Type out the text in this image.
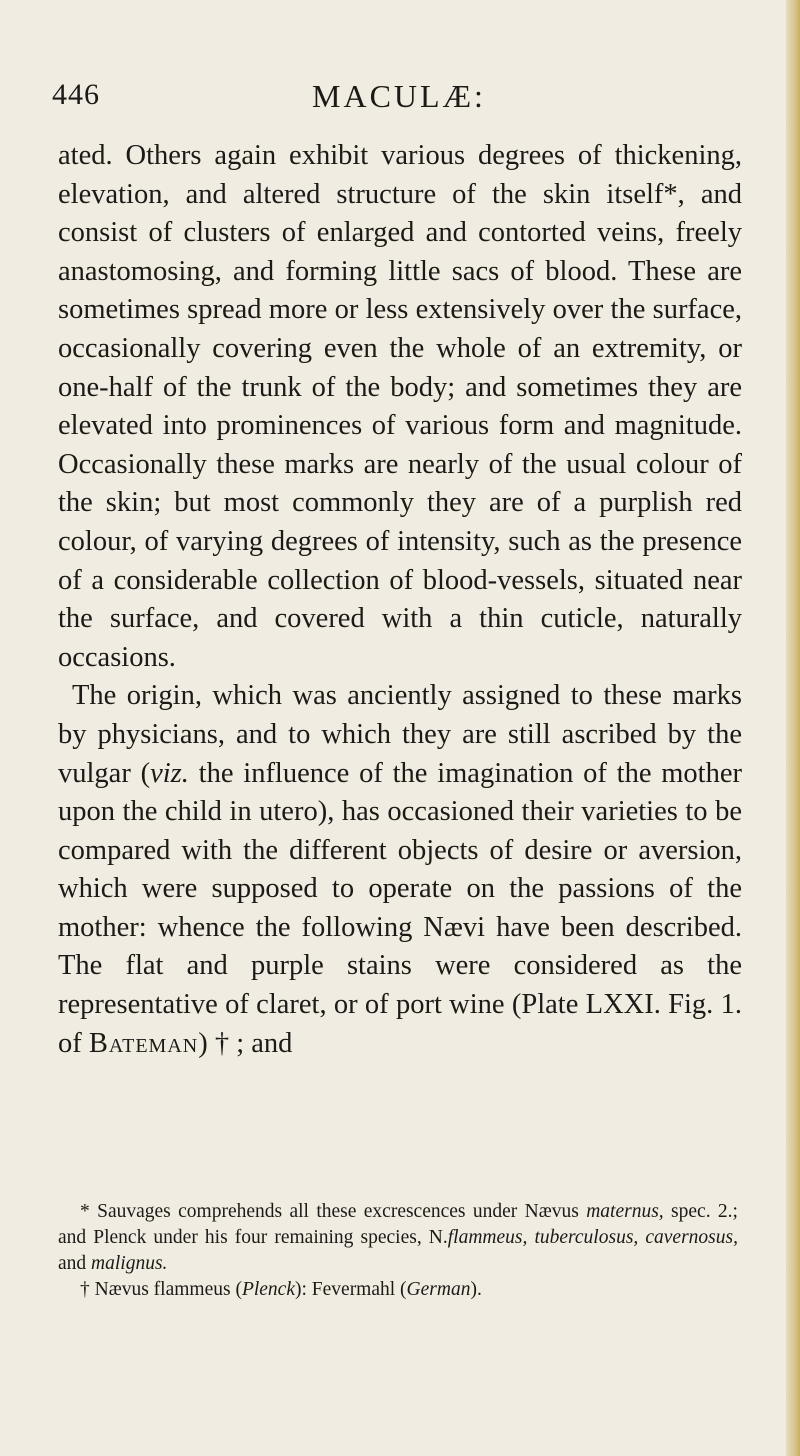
446	MACULÆ:

ated. Others again exhibit various degrees of thickening, elevation, and altered structure of the skin itself*, and consist of clusters of enlarged and contorted veins, freely anastomosing, and forming little sacs of blood. These are sometimes spread more or less extensively over the surface, occasionally covering even the whole of an extremity, or one-half of the trunk of the body; and sometimes they are elevated into prominences of various form and magnitude. Occasionally these marks are nearly of the usual colour of the skin; but most commonly they are of a purplish red colour, of varying degrees of intensity, such as the presence of a considerable collection of blood-vessels, situated near the surface, and covered with a thin cuticle, naturally occasions.

The origin, which was anciently assigned to these marks by physicians, and to which they are still ascribed by the vulgar (viz. the influence of the imagination of the mother upon the child in utero), has occasioned their varieties to be compared with the different objects of desire or aversion, which were supposed to operate on the passions of the mother: whence the following Nævi have been described. The flat and purple stains were considered as the representative of claret, or of port wine (Plate LXXI. Fig. 1. of Bateman) † ; and

* Sauvages comprehends all these excrescences under Nævus maternus, spec. 2.; and Plenck under his four remaining species, N.flammeus, tuberculosus, cavernosus, and malignus.

† Nævus flammeus (Plenck): Fevermahl (German).
